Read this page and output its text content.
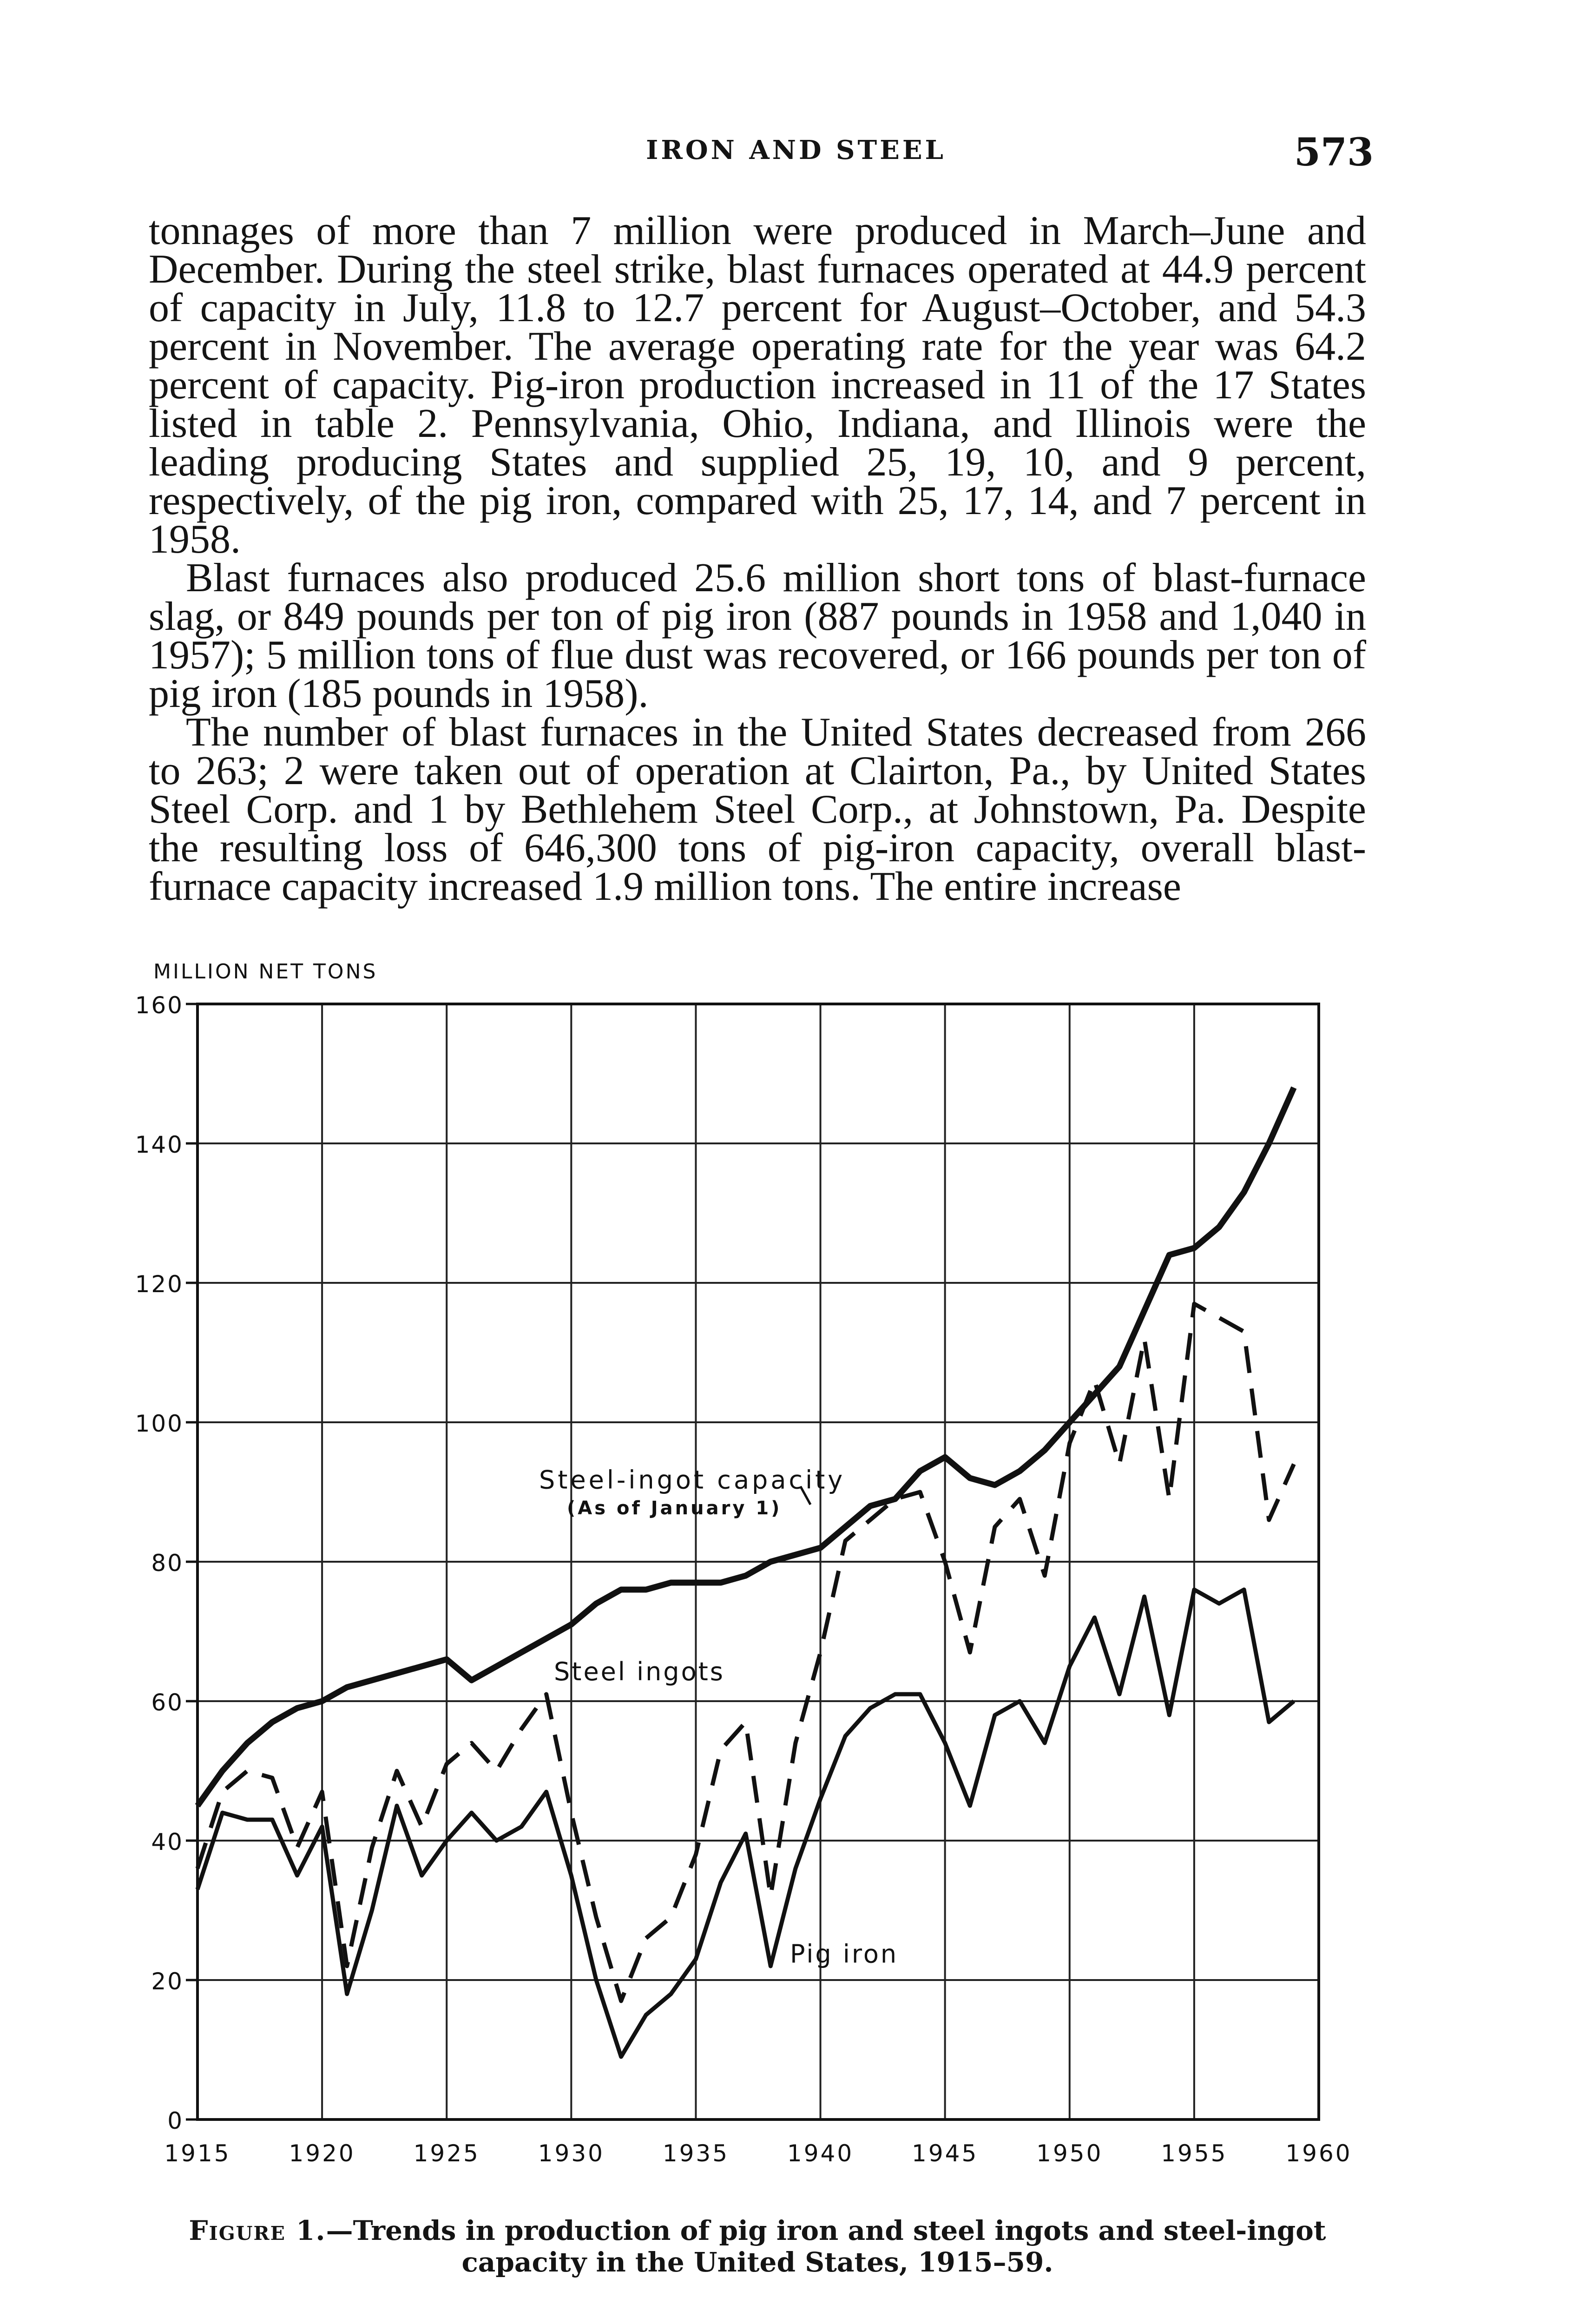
IRON AND STEEL	573

tonnages of more than 7 million were produced in March–June and December. During the steel strike, blast furnaces operated at 44.9 percent of capacity in July, 11.8 to 12.7 percent for August–October, and 54.3 percent in November. The average operating rate for the year was 64.2 percent of capacity. Pig-iron production increased in 11 of the 17 States listed in table 2. Pennsylvania, Ohio, Indiana, and Illinois were the leading producing States and supplied 25, 19, 10, and 9 percent, respectively, of the pig iron, compared with 25, 17, 14, and 7 percent in 1958.

Blast furnaces also produced 25.6 million short tons of blast-furnace slag, or 849 pounds per ton of pig iron (887 pounds in 1958 and 1,040 in 1957); 5 million tons of flue dust was recovered, or 166 pounds per ton of pig iron (185 pounds in 1958).

The number of blast furnaces in the United States decreased from 266 to 263; 2 were taken out of operation at Clairton, Pa., by United States Steel Corp. and 1 by Bethlehem Steel Corp., at Johnstown, Pa. Despite the resulting loss of 646,300 tons of pig-iron capacity, overall blast-furnace capacity increased 1.9 million tons. The entire increase

MILLION NET TONS
0
20
40
60
80
100
120
140
160
1915 1920 1925 1930 1935 1940 1945 1950 1955 1960
Steel-ingot capacity
(As of January 1)
Steel ingots
Pig iron
Figure 1.—Trends in production of pig iron and steel ingots and steel-ingot capacity in the United States, 1915–59.
